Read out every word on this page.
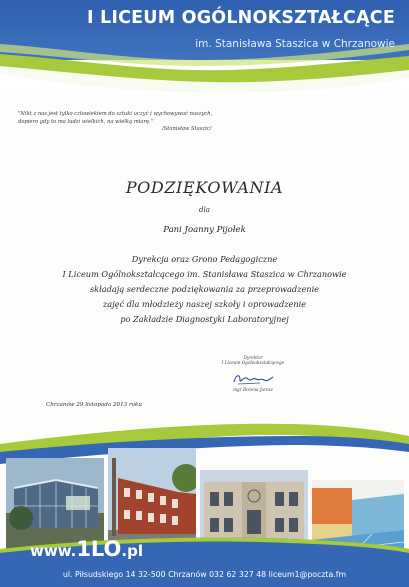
I LICEUM OGÓLNOKSZTAŁCĄCE
im. Stanisława Staszica w Chrzanowie
"Nikt z nas jest tylko człowiekiem do sztuki uczyć i wychowywać naszych,
dopiero gdy to ma ludzi wielkich, na wielką miarę."
/Stanisław Staszic/
PODZIĘKOWANIA
dla
Pani Joanny Pijołek
Dyrekcja oraz Grono Pedagogiczne
I Liceum Ogólnokształcącego im. Stanisława Staszica w Chrzanowie
składają serdeczne podziękowania za przeprowadzenie
zajęć dla młodzieży naszej szkoły i oprowadzenie
po Zakładzie Diagnostyki Laboratoryjnej
Dyrektor
I Liceum Ogólnokształcącego
mgr Bożena Jarosz
Chrzanów 29 listopada 2013 roku
www.1LO.pl
ul. Piłsudskiego 14 32-500 Chrzanów 032 62 327 48 liceum1@poczta.fm
